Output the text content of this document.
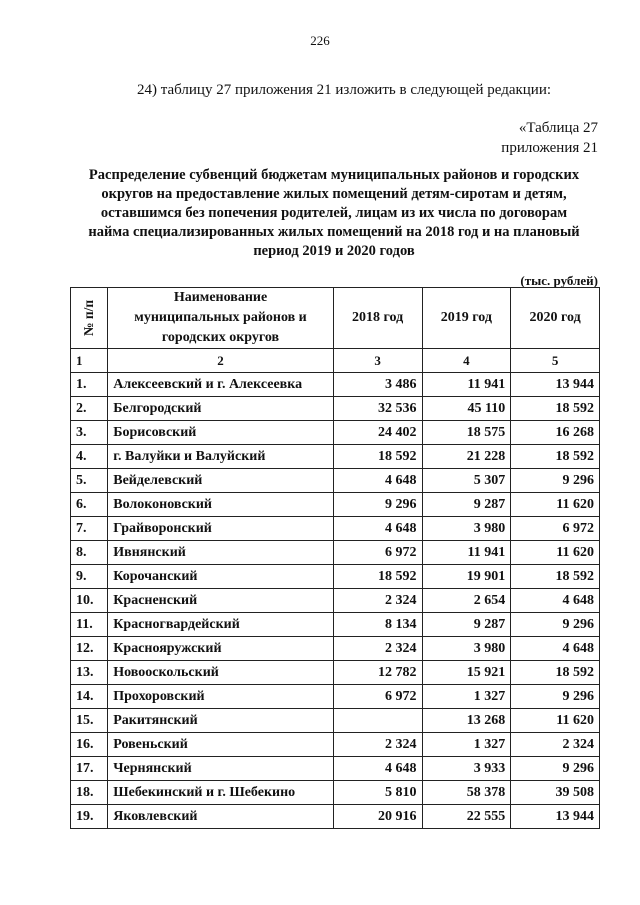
226
24) таблицу 27 приложения 21 изложить в следующей редакции:
«Таблица 27
приложения 21
Распределение субвенций бюджетам муниципальных районов и городских
округов на предоставление жилых помещений детям-сиротам и детям,
оставшимся без попечения родителей, лицам из их числа по договорам
найма специализированных жилых помещений на 2018 год и на плановый
период 2019 и 2020 годов
(тыс. рублей)
№ п/п	Наименование
муниципальных районов и
городских округов	2018 год	2019 год	2020 год
1	2	3	4	5
1.	Алексеевский и г. Алексеевка	3 486	11 941	13 944
2.	Белгородский	32 536	45 110	18 592
3.	Борисовский	24 402	18 575	16 268
4.	г. Валуйки и Валуйский	18 592	21 228	18 592
5.	Вейделевский	4 648	5 307	9 296
6.	Волоконовский	9 296	9 287	11 620
7.	Грайворонский	4 648	3 980	6 972
8.	Ивнянский	6 972	11 941	11 620
9.	Корочанский	18 592	19 901	18 592
10.	Красненский	2 324	2 654	4 648
11.	Красногвардейский	8 134	9 287	9 296
12.	Краснояружский	2 324	3 980	4 648
13.	Новооскольский	12 782	15 921	18 592
14.	Прохоровский	6 972	1 327	9 296
15.	Ракитянский		13 268	11 620
16.	Ровеньский	2 324	1 327	2 324
17.	Чернянский	4 648	3 933	9 296
18.	Шебекинский и г. Шебекино	5 810	58 378	39 508
19.	Яковлевский	20 916	22 555	13 944
